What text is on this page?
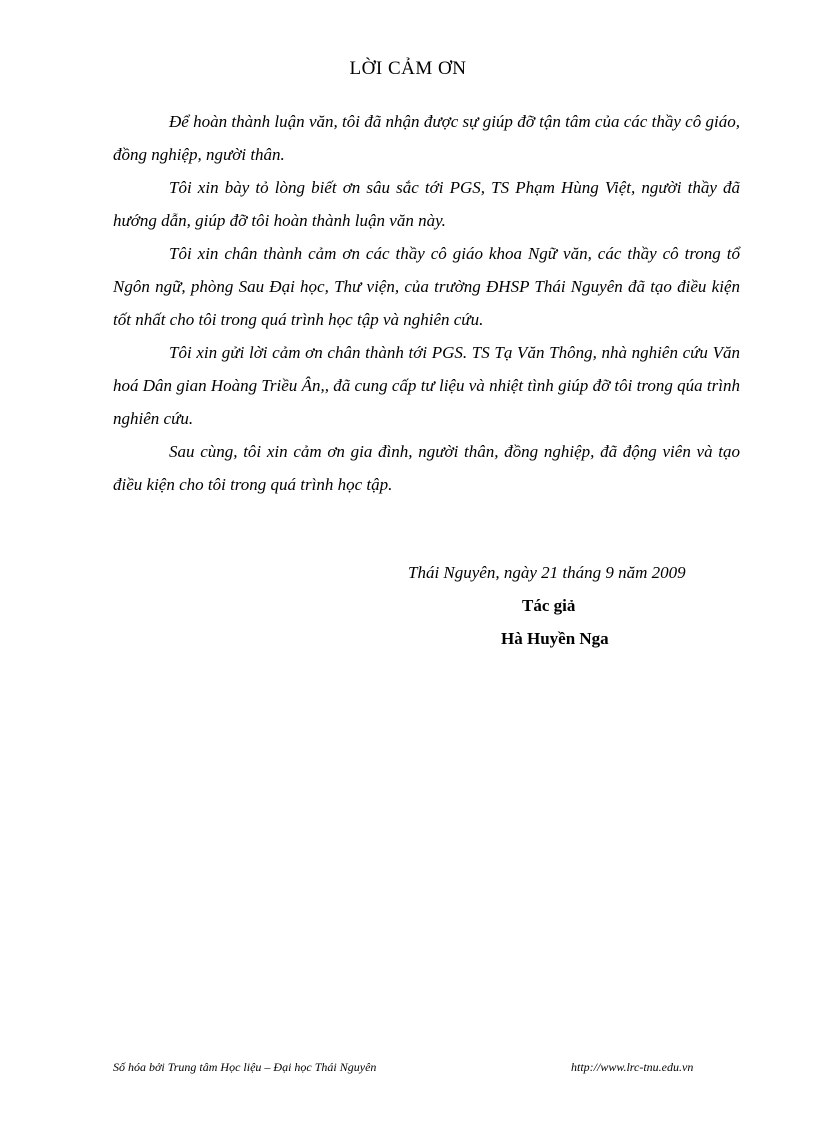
LỜI CẢM ƠN

Để hoàn thành luận văn, tôi đã nhận được sự giúp đỡ tận tâm của các thầy cô giáo, đồng nghiệp, người thân.

Tôi xin bày tỏ lòng biết ơn sâu sắc tới PGS, TS Phạm Hùng Việt, người thầy đã hướng dẫn, giúp đỡ tôi hoàn thành luận văn này.

Tôi xin chân thành cảm ơn các thầy cô giáo khoa Ngữ văn, các thầy cô trong tổ Ngôn ngữ, phòng Sau Đại học, Thư viện, của trường ĐHSP Thái Nguyên đã tạo điều kiện tốt nhất cho tôi trong quá trình học tập và nghiên cứu.

Tôi xin gửi lời cảm ơn chân thành tới PGS. TS Tạ Văn Thông, nhà nghiên cứu Văn hoá Dân gian Hoàng Triều Ân,, đã cung cấp tư liệu và nhiệt tình giúp đỡ tôi trong qúa trình nghiên cứu.

Sau cùng, tôi xin cảm ơn gia đình, người thân, đồng nghiệp, đã động viên và tạo điều kiện cho tôi trong quá trình học tập.

Thái Nguyên, ngày 21 tháng 9 năm 2009
Tác giả
Hà Huyền Nga
Số hóa bởi Trung tâm Học liệu – Đại học Thái Nguyên	http://www.lrc-tnu.edu.vn
